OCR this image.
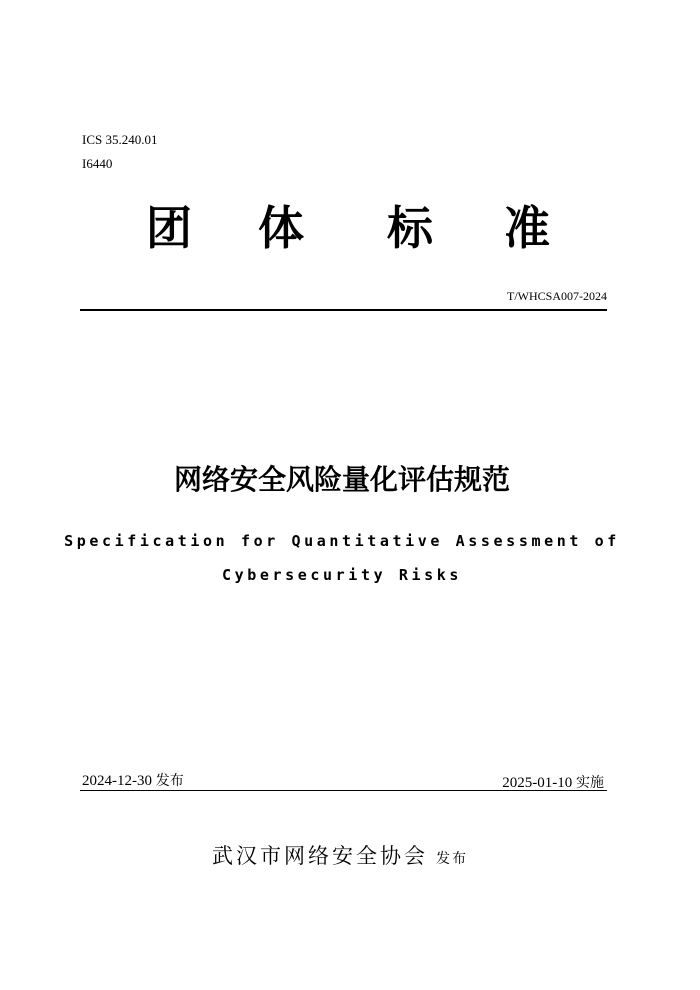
ICS 35.240.01
I6440
团 体 标 准
T/WHCSA007-2024
网络安全风险量化评估规范
Specification for Quantitative Assessment of
Cybersecurity Risks
2024-12-30 发布	2025-01-10 实施
武汉市网络安全协会 发布
